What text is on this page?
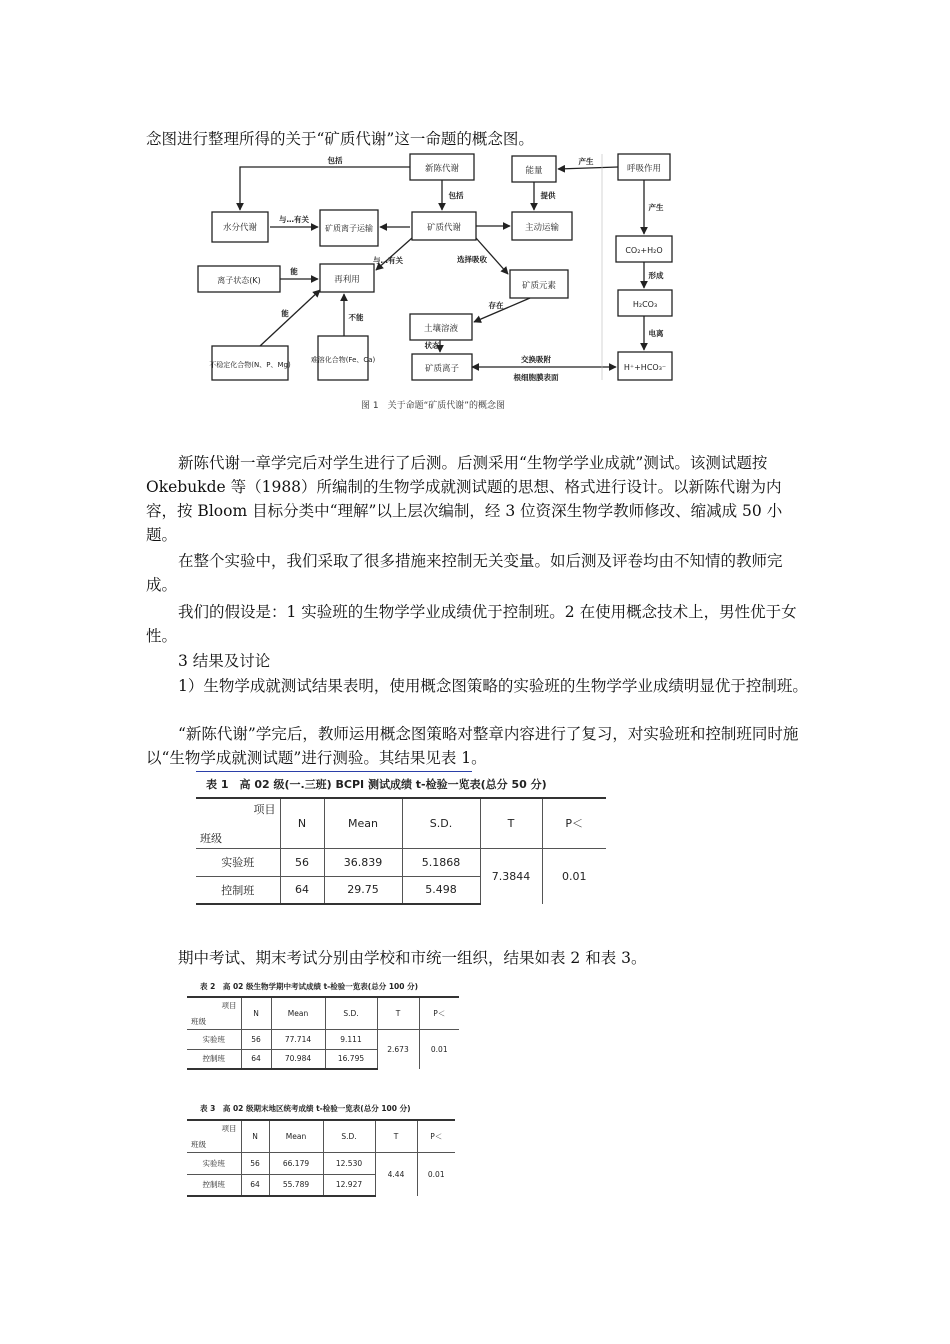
念图进行整理所得的关于“矿质代谢”这一命题的概念图。

新陈代谢	能量	呼吸作用
水分代谢	矿质离子运输	矿质代谢	主动运输
CO₂+H₂O
离子状态(K)	再利用
矿质元素
H₂CO₃
土壤溶液
不稳定化合物(N、P、Mg)
难溶化合物(Fe、Ca)
矿质离子	H⁺+HCO₃⁻
包括
包括
产生
产生
提供
与…有关
与…有关	选择吸收
形成
电离
存在
能
能	不能
状态
交换吸附
根细胞膜表面
图 1　关于命题“矿质代谢”的概念图

新陈代谢一章学完后对学生进行了后测。后测采用“生物学学业成就”测试。该测试题按 Okebukde 等（1988）所编制的生物学成就测试题的思想、格式进行设计。以新陈代谢为内容，按 Bloom 目标分类中“理解”以上层次编制，经 3 位资深生物学教师修改、缩减成 50 小题。

在整个实验中，我们采取了很多措施来控制无关变量。如后测及评卷均由不知情的教师完成。

我们的假设是：1 实验班的生物学学业成绩优于控制班。2 在使用概念技术上，男性优于女性。

3 结果及讨论

1）生物学成就测试结果表明，使用概念图策略的实验班的生物学学业成绩明显优于控制班。

“新陈代谢”学完后，教师运用概念图策略对整章内容进行了复习，对实验班和控制班同时施以“生物学成就测试题”进行测验。其结果见表 1。

表 1　高 02 级(一.三班) BCPI 测试成绩 t-检验一览表(总分 50 分)
项目
班级	N	Mean	S.D.	T	P＜
实验班	56	36.839	5.1868	7.3844	0.01
控制班	64	29.75	5.498		

期中考试、期末考试分别由学校和市统一组织，结果如表 2 和表 3。

表 2　高 02 级生物学期中考试成绩 t-检验一览表(总分 100 分)
项目
班级	N	Mean	S.D.	T	P＜
实验班	56	77.714	9.111	2.673	0.01
控制班	64	70.984	16.795		
表 3　高 02 级期末地区统考成绩 t-检验一览表(总分 100 分)
项目
班级	N	Mean	S.D.	T	P＜
实验班	56	66.179	12.530	4.44	0.01
控制班	64	55.789	12.927		
